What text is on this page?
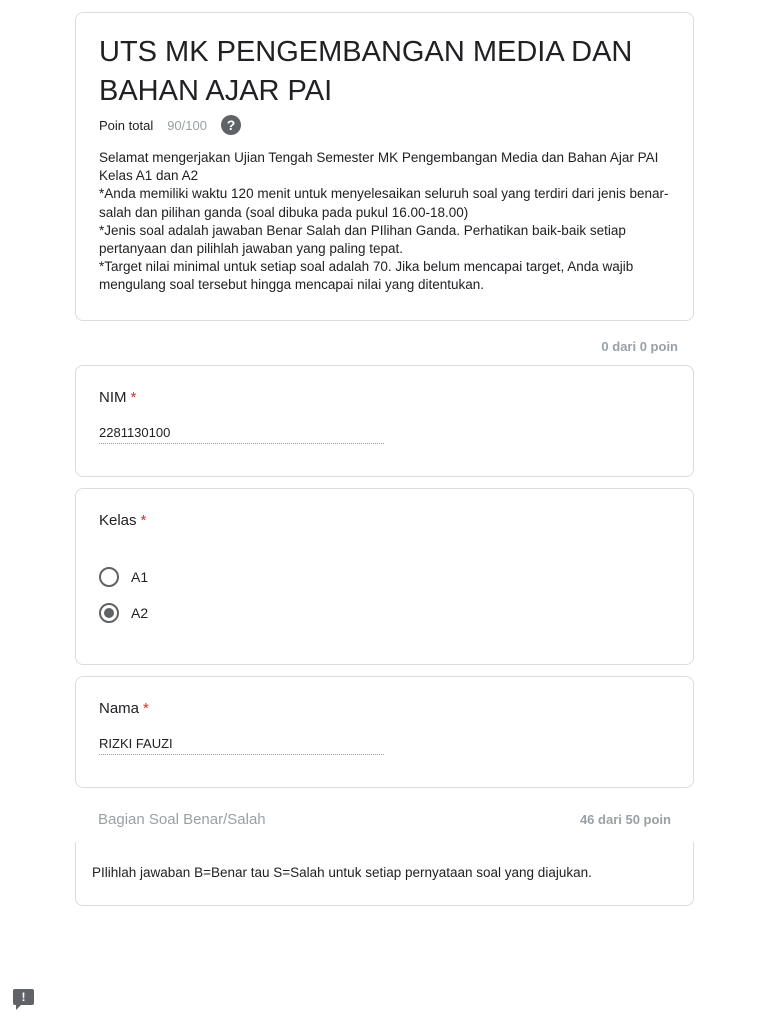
UTS MK PENGEMBANGAN MEDIA DAN BAHAN AJAR PAI
Poin total 90/100	?

Selamat mengerjakan Ujian Tengah Semester MK Pengembangan Media dan Bahan Ajar PAI Kelas A1 dan A2

*Anda memiliki waktu 120 menit untuk menyelesaikan seluruh soal yang terdiri dari jenis benar-salah dan pilihan ganda (soal dibuka pada pukul 16.00-18.00)

*Jenis soal adalah jawaban Benar Salah dan PIlihan Ganda. Perhatikan baik-baik setiap pertanyaan dan pilihlah jawaban yang paling tepat.

*Target nilai minimal untuk setiap soal adalah 70. Jika belum mencapai target, Anda wajib mengulang soal tersebut hingga mencapai nilai yang ditentukan.

0 dari 0 poin
NIM *
2281130100
Kelas *
A1
A2
Nama *
RIZKI FAUZI
Bagian Soal Benar/Salah	46 dari 50 poin
PIlihlah jawaban B=Benar tau S=Salah untuk setiap pernyataan soal yang diajukan.
!
